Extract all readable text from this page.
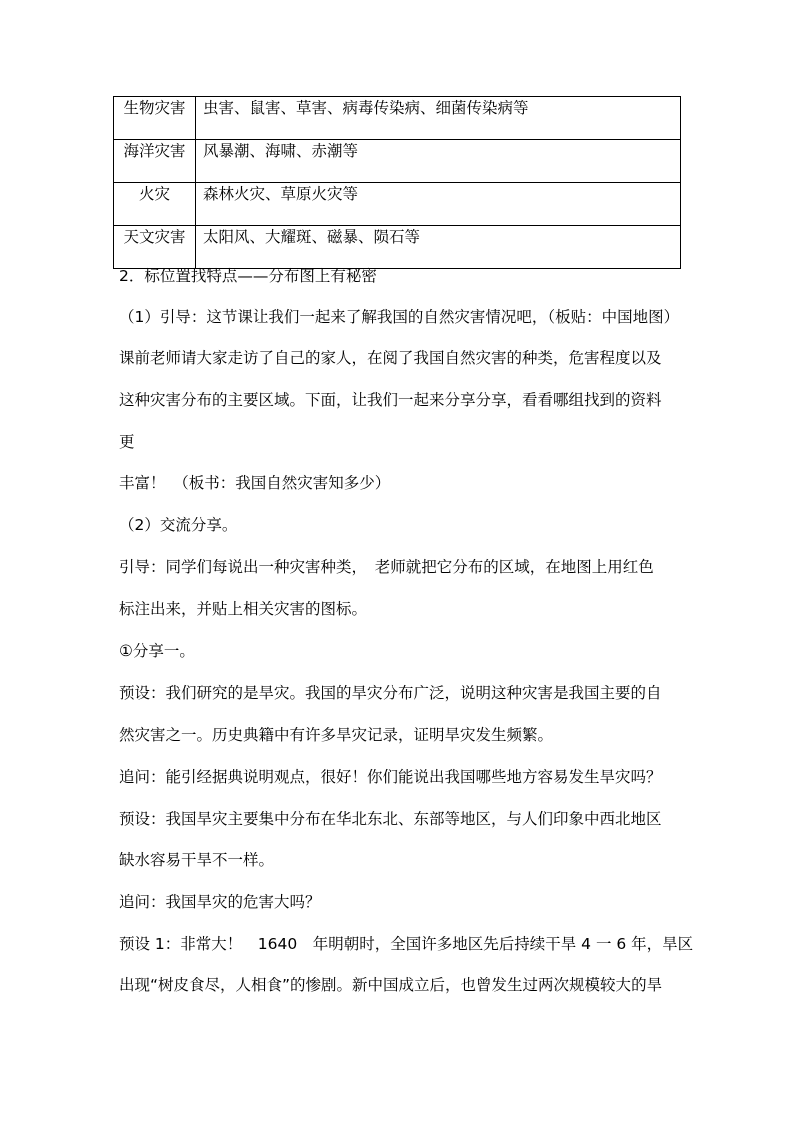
生物灾害	虫害、鼠害、草害、病毒传染病、细菌传染病等
海洋灾害	风暴潮、海啸、赤潮等
火灾	森林火灾、草原火灾等
天文灾害	太阳风、大耀斑、磁暴、陨石等
2．标位置找特点——分布图上有秘密
（1）引导：这节课让我们一起来了解我国的自然灾害情况吧，（板贴：中国地图）
课前老师请大家走访了自己的家人，在阅了我国自然灾害的种类，危害程度以及
这种灾害分布的主要区域。下面，让我们一起来分享分享，看看哪组找到的资料
更
丰富！　（板书：我国自然灾害知多少）
（2）交流分享。
引导：同学们每说出一种灾害种类，　老师就把它分布的区域，在地图上用红色
标注出来，并贴上相关灾害的图标。
①分享一。
预设：我们研究的是旱灾。我国的旱灾分布广泛，说明这种灾害是我国主要的自
然灾害之一。历史典籍中有许多旱灾记录，证明旱灾发生频繁。
追问：能引经据典说明观点，很好！你们能说出我国哪些地方容易发生旱灾吗？
预设：我国旱灾主要集中分布在华北东北、东部等地区，与人们印象中西北地区
缺水容易干旱不一样。
追问：我国旱灾的危害大吗？
预设 1：非常大！　1640　年明朝时，全国许多地区先后持续干旱 4 一 6 年，旱区
出现“树皮食尽，人相食”的惨剧。新中国成立后，也曾发生过两次规模较大的旱
